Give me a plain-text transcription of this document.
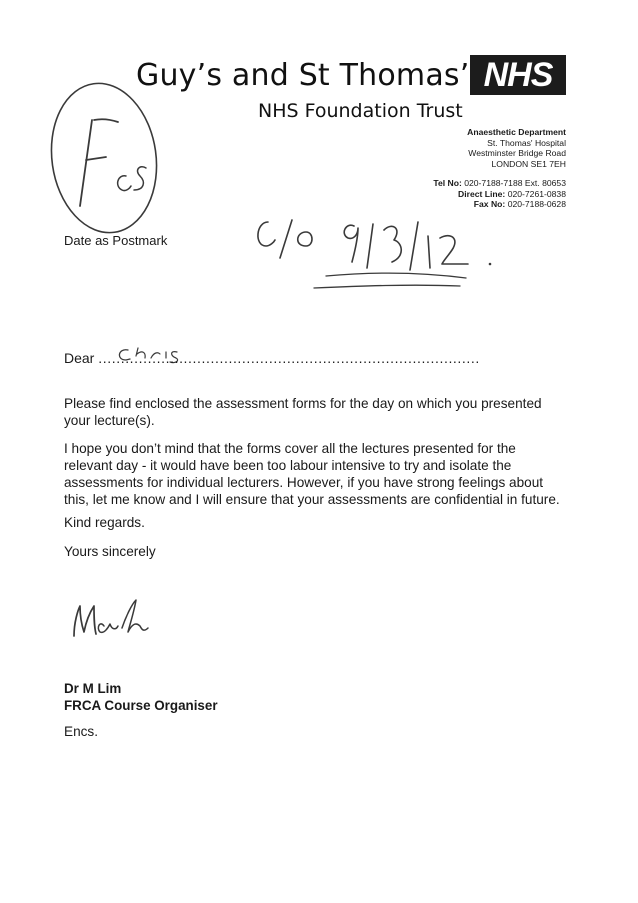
Guy’s and St Thomas’ NHS
NHS Foundation Trust
Anaesthetic Department
St. Thomas' Hospital
Westminster Bridge Road
LONDON SE1 7EH
Tel No: 020-7188-7188 Ext. 80653
Direct Line: 020-7261-0838
Fax No: 020-7188-0628
Date as Postmark
Dear .....................................................................................
Please find enclosed the assessment forms for the day on which you presented your lecture(s).
I hope you don’t mind that the forms cover all the lectures presented for the relevant day - it would have been too labour intensive to try and isolate the assessments for individual lecturers. However, if you have strong feelings about this, let me know and I will ensure that your assessments are confidential in future.
Kind regards.
Yours sincerely
Dr M Lim
FRCA Course Organiser
Encs.
